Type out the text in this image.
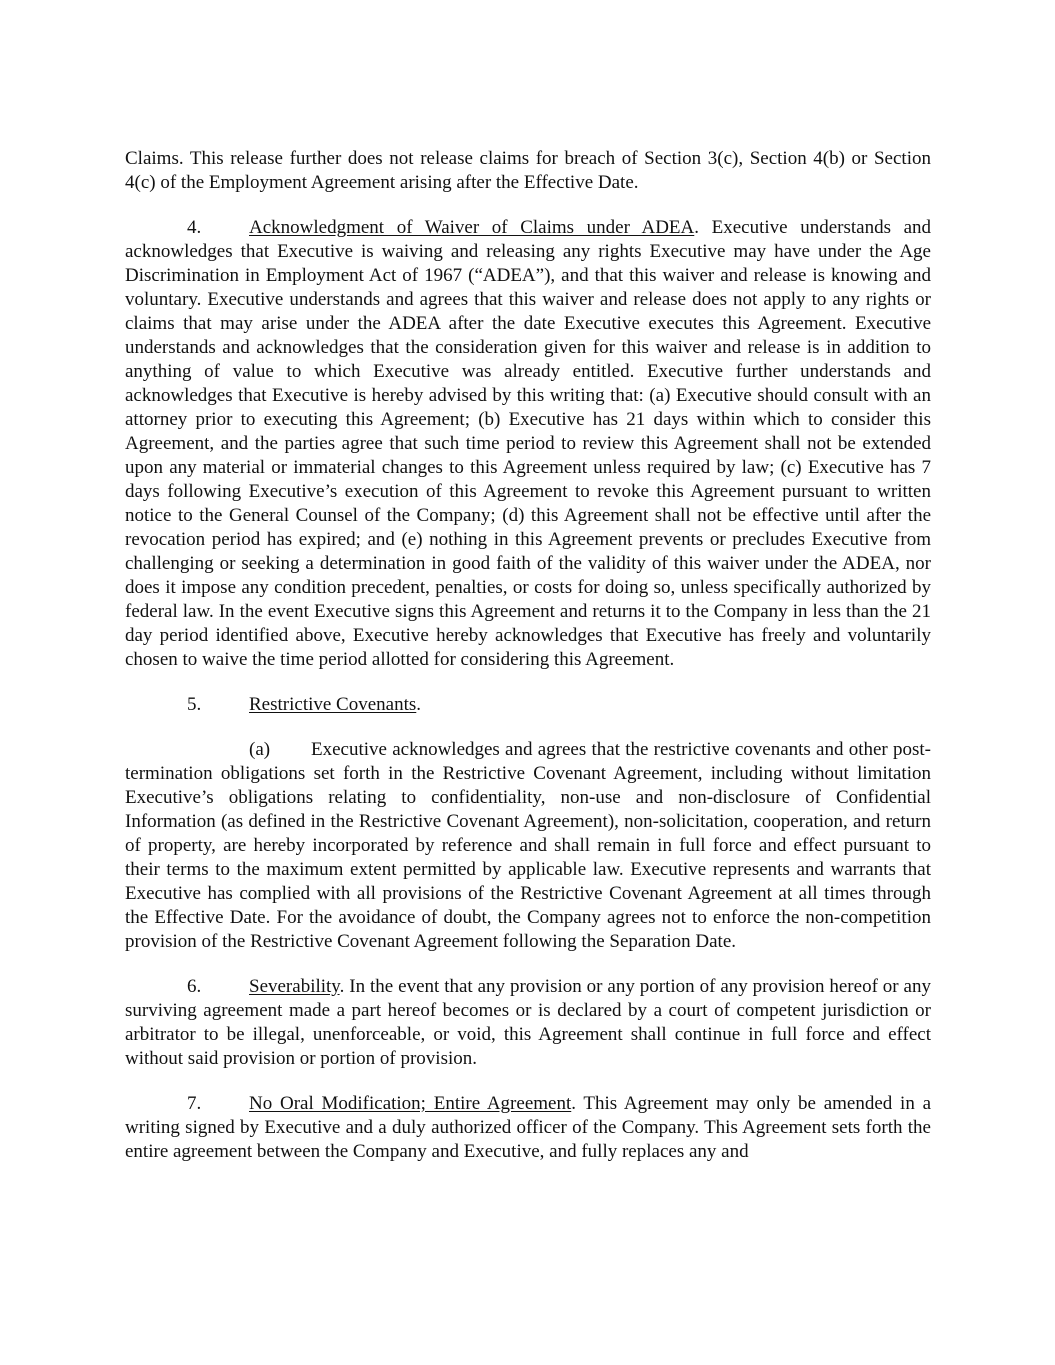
Claims. This release further does not release claims for breach of Section 3(c), Section 4(b) or Section 4(c) of the Employment Agreement arising after the Effective Date.

4.	Acknowledgment of Waiver of Claims under ADEA. Executive understands and acknowledges that Executive is waiving and releasing any rights Executive may have under the Age Discrimination in Employment Act of 1967 (“ADEA”), and that this waiver and release is knowing and voluntary. Executive understands and agrees that this waiver and release does not apply to any rights or claims that may arise under the ADEA after the date Executive executes this Agreement. Executive understands and acknowledges that the consideration given for this waiver and release is in addition to anything of value to which Executive was already entitled. Executive further understands and acknowledges that Executive is hereby advised by this writing that: (a) Executive should consult with an attorney prior to executing this Agreement; (b) Executive has 21 days within which to consider this Agreement, and the parties agree that such time period to review this Agreement shall not be extended upon any material or immaterial changes to this Agreement unless required by law; (c) Executive has 7 days following Executive’s execution of this Agreement to revoke this Agreement pursuant to written notice to the General Counsel of the Company; (d) this Agreement shall not be effective until after the revocation period has expired; and (e) nothing in this Agreement prevents or precludes Executive from challenging or seeking a determination in good faith of the validity of this waiver under the ADEA, nor does it impose any condition precedent, penalties, or costs for doing so, unless specifically authorized by federal law. In the event Executive signs this Agreement and returns it to the Company in less than the 21 day period identified above, Executive hereby acknowledges that Executive has freely and voluntarily chosen to waive the time period allotted for considering this Agreement.

5.	Restrictive Covenants.

(a) Executive acknowledges and agrees that the restrictive covenants and other post-termination obligations set forth in the Restrictive Covenant Agreement, including without limitation Executive’s obligations relating to confidentiality, non-use and non-disclosure of Confidential Information (as defined in the Restrictive Covenant Agreement), non-solicitation, cooperation, and return of property, are hereby incorporated by reference and shall remain in full force and effect pursuant to their terms to the maximum extent permitted by applicable law. Executive represents and warrants that Executive has complied with all provisions of the Restrictive Covenant Agreement at all times through the Effective Date. For the avoidance of doubt, the Company agrees not to enforce the non-competition provision of the Restrictive Covenant Agreement following the Separation Date.

6.	Severability. In the event that any provision or any portion of any provision hereof or any surviving agreement made a part hereof becomes or is declared by a court of competent jurisdiction or arbitrator to be illegal, unenforceable, or void, this Agreement shall continue in full force and effect without said provision or portion of provision.

7.	No Oral Modification; Entire Agreement. This Agreement may only be amended in a writing signed by Executive and a duly authorized officer of the Company. This Agreement sets forth the entire agreement between the Company and Executive, and fully replaces any and
